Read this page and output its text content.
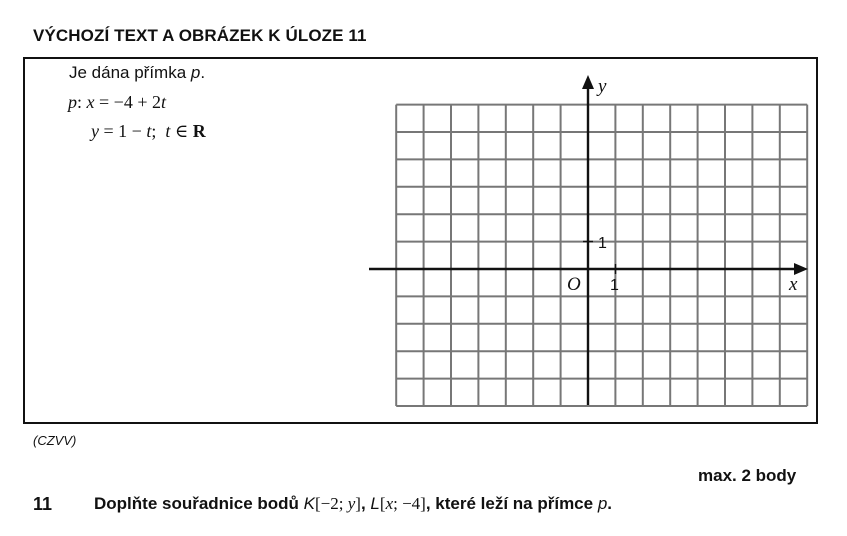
VÝCHOZÍ TEXT A OBRÁZEK K ÚLOZE 11
Je dána přímka p.
p: x = −4 + 2t
y = 1 − t;  t ∈ R
x
y
O 1
1
(CZVV)
max. 2 body
11 Doplňte souřadnice bodů K[−2; y], L[x; −4], které leží na přímce p.
